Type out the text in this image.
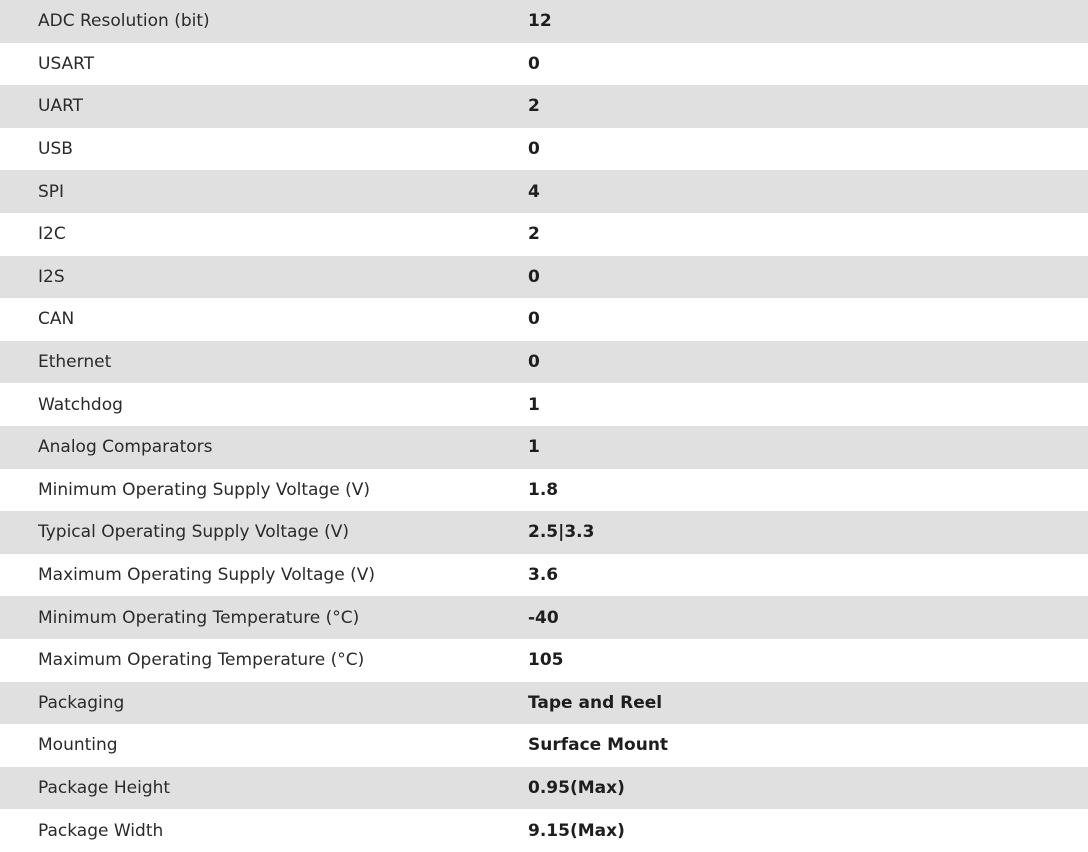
ADC Resolution (bit)	12
USART	0
UART	2
USB	0
SPI	4
I2C	2
I2S	0
CAN	0
Ethernet	0
Watchdog	1
Analog Comparators	1
Minimum Operating Supply Voltage (V)	1.8
Typical Operating Supply Voltage (V)	2.5|3.3
Maximum Operating Supply Voltage (V)	3.6
Minimum Operating Temperature (°C)	-40
Maximum Operating Temperature (°C)	105
Packaging	Tape and Reel
Mounting	Surface Mount
Package Height	0.95(Max)
Package Width	9.15(Max)
